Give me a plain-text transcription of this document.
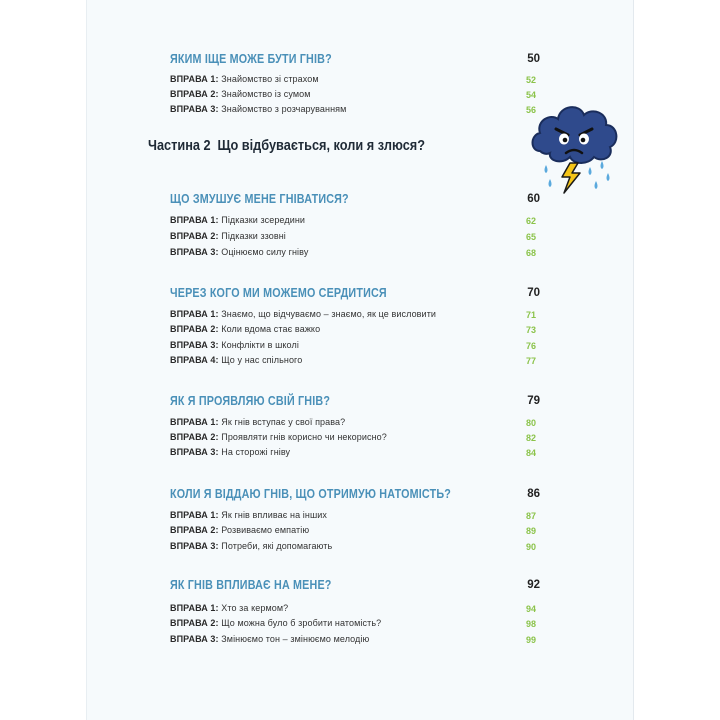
ЯКИМ ІЩЕ МОЖЕ БУТИ ГНІВ?	50
ВПРАВА 1: Знайомство зі страхом	52
ВПРАВА 2: Знайомство із сумом	54
ВПРАВА 3: Знайомство з розчаруванням	56
Частина 2 Що відбувається, коли я злюся?
ЩО ЗМУШУЄ МЕНЕ ГНІВАТИСЯ?	60
ВПРАВА 1: Підказки зсередини	62
ВПРАВА 2: Підказки ззовні	65
ВПРАВА 3: Оцінюємо силу гніву	68
ЧЕРЕЗ КОГО МИ МОЖЕМО СЕРДИТИСЯ	70
ВПРАВА 1: Знаємо, що відчуваємо – знаємо, як це висловити	71
ВПРАВА 2: Коли вдома стає важко	73
ВПРАВА 3: Конфлікти в школі	76
ВПРАВА 4: Що у нас спільного	77
ЯК Я ПРОЯВЛЯЮ СВІЙ ГНІВ?	79
ВПРАВА 1: Як гнів вступає у свої права?	80
ВПРАВА 2: Проявляти гнів корисно чи некорисно?	82
ВПРАВА 3: На сторожі гніву	84
КОЛИ Я ВІДДАЮ ГНІВ, ЩО ОТРИМУЮ НАТОМІСТЬ?	86
ВПРАВА 1: Як гнів впливає на інших	87
ВПРАВА 2: Розвиваємо емпатію	89
ВПРАВА 3: Потреби, які допомагають	90
ЯК ГНІВ ВПЛИВАЄ НА МЕНЕ?	92
ВПРАВА 1: Хто за кермом?	94
ВПРАВА 2: Що можна було б зробити натомість?	98
ВПРАВА 3: Змінюємо тон – змінюємо мелодію	99
